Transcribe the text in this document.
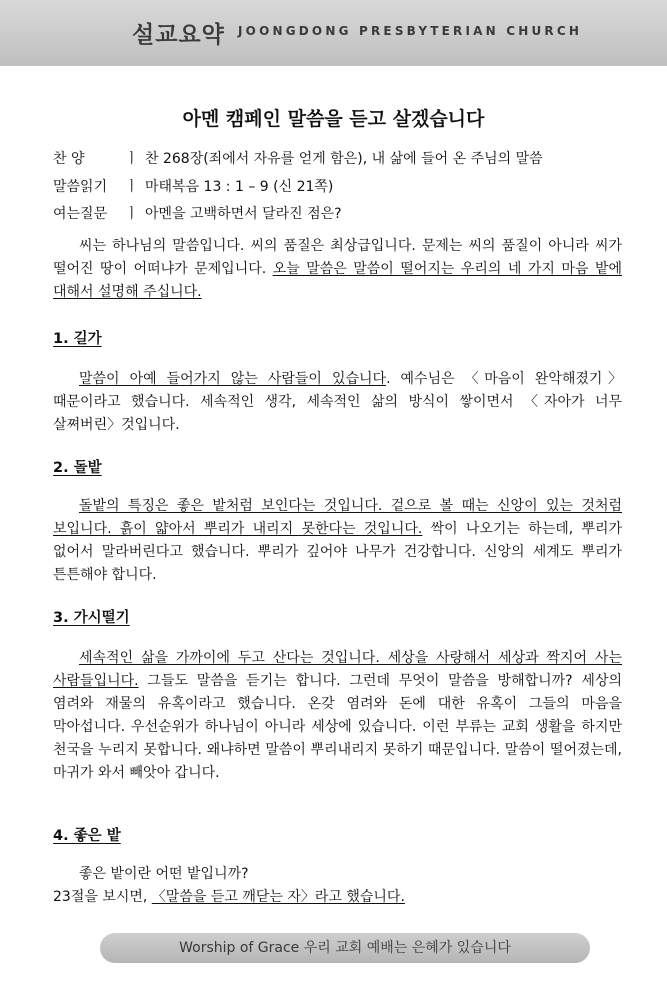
설교요약 JOONGDONG PRESBYTERIAN CHURCH
아멘 캠페인 말씀을 듣고 살겠습니다
찬 양	ㅣ 찬 268장(죄에서 자유를 얻게 함은), 내 삶에 들어 온 주님의 말씀
말씀읽기 ㅣ 마태복음 13 : 1 – 9 (신 21쪽)
여는질문 ㅣ 아멘을 고백하면서 달라진 점은?
씨는 하나님의 말씀입니다. 씨의 품질은 최상급입니다. 문제는 씨의 품질이 아니라 씨가 떨어진 땅이 어떠냐가 문제입니다. 오늘 말씀은 말씀이 떨어지는 우리의 네 가지 마음 밭에 대해서 설명해 주십니다.
1. 길가
말씀이 아예 들어가지 않는 사람들이 있습니다. 예수님은 〈마음이 완악해졌기〉때문이라고 했습니다. 세속적인 생각, 세속적인 삶의 방식이 쌓이면서 〈자아가 너무 살쪄버린〉것입니다.
2. 돌밭
돌밭의 특징은 좋은 밭처럼 보인다는 것입니다. 겉으로 볼 때는 신앙이 있는 것처럼 보입니다. 흙이 얇아서 뿌리가 내리지 못한다는 것입니다. 싹이 나오기는 하는데, 뿌리가 없어서 말라버린다고 했습니다. 뿌리가 깊어야 나무가 건강합니다. 신앙의 세계도 뿌리가 튼튼해야 합니다.
3. 가시떨기
세속적인 삶을 가까이에 두고 산다는 것입니다. 세상을 사랑해서 세상과 짝지어 사는 사람들입니다. 그들도 말씀을 듣기는 합니다. 그런데 무엇이 말씀을 방해합니까? 세상의 염려와 재물의 유혹이라고 했습니다. 온갖 염려와 돈에 대한 유혹이 그들의 마음을 막아섭니다. 우선순위가 하나님이 아니라 세상에 있습니다. 이런 부류는 교회 생활을 하지만 천국을 누리지 못합니다. 왜냐하면 말씀이 뿌리내리지 못하기 때문입니다. 말씀이 떨어졌는데, 마귀가 와서 빼앗아 갑니다.
4. 좋은 밭
좋은 밭이란 어떤 밭입니까?
23절을 보시면, 〈말씀을 듣고 깨닫는 자〉라고 했습니다.
Worship of Grace 우리 교회 예배는 은혜가 있습니다
